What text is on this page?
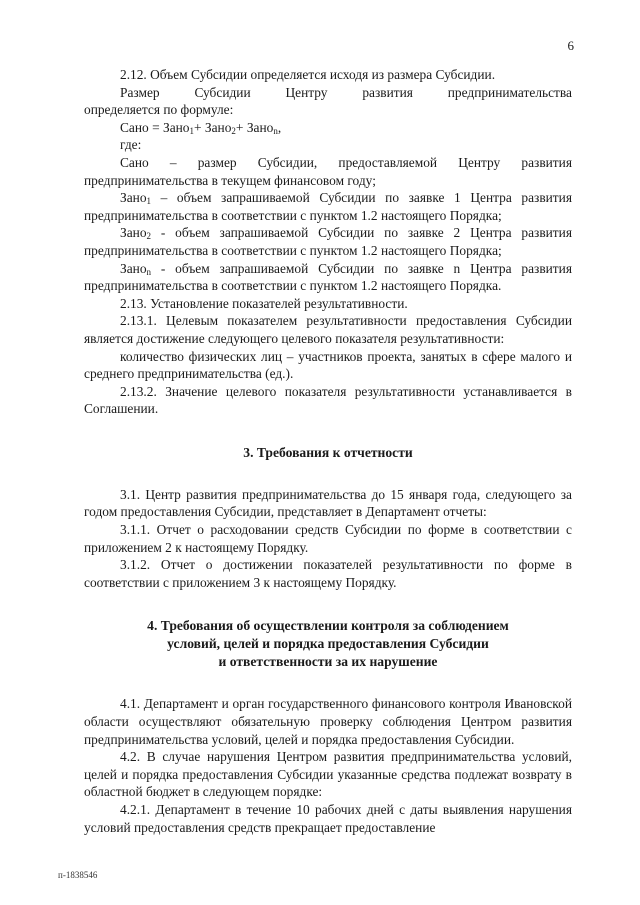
6

2.12. Объем Субсидии определяется исходя из размера Субсидии.

Размер Субсидии Центру развития предпринимательства

определяется по формуле:

Сано = Зано$_1$+ Зано$_2$+ Зано$_n$,

где:

Сано – размер Субсидии, предоставляемой Центру развития предпринимательства в текущем финансовом году;

Зано$_1$ – объем запрашиваемой Субсидии по заявке 1 Центра развития предпринимательства в соответствии с пунктом 1.2 настоящего Порядка;

Зано$_2$ - объем запрашиваемой Субсидии по заявке 2 Центра развития предпринимательства в соответствии с пунктом 1.2 настоящего Порядка;

Зано$_n$ - объем запрашиваемой Субсидии по заявке n Центра развития предпринимательства в соответствии с пунктом 1.2 настоящего Порядка.

2.13. Установление показателей результативности.

2.13.1. Целевым показателем результативности предоставления Субсидии является достижение следующего целевого показателя результативности:

количество физических лиц – участников проекта, занятых в сфере малого и среднего предпринимательства (ед.).

2.13.2. Значение целевого показателя результативности устанавливается в Соглашении.

3. Требования к отчетности

3.1. Центр развития предпринимательства до 15 января года, следующего за годом предоставления Субсидии, представляет в Департамент отчеты:

3.1.1. Отчет о расходовании средств Субсидии по форме в соответствии с приложением 2 к настоящему Порядку.

3.1.2. Отчет о достижении показателей результативности по форме в соответствии с приложением 3 к настоящему Порядку.

4. Требования об осуществлении контроля за соблюдением
условий, целей и порядка предоставления Субсидии
и ответственности за их нарушение

4.1. Департамент и орган государственного финансового контроля Ивановской области осуществляют обязательную проверку соблюдения Центром развития предпринимательства условий, целей и порядка предоставления Субсидии.

4.2. В случае нарушения Центром развития предпринимательства условий, целей и порядка предоставления Субсидии указанные средства подлежат возврату в областной бюджет в следующем порядке:

4.2.1. Департамент в течение 10 рабочих дней с даты выявления нарушения условий предоставления средств прекращает предоставление

п-1838546
